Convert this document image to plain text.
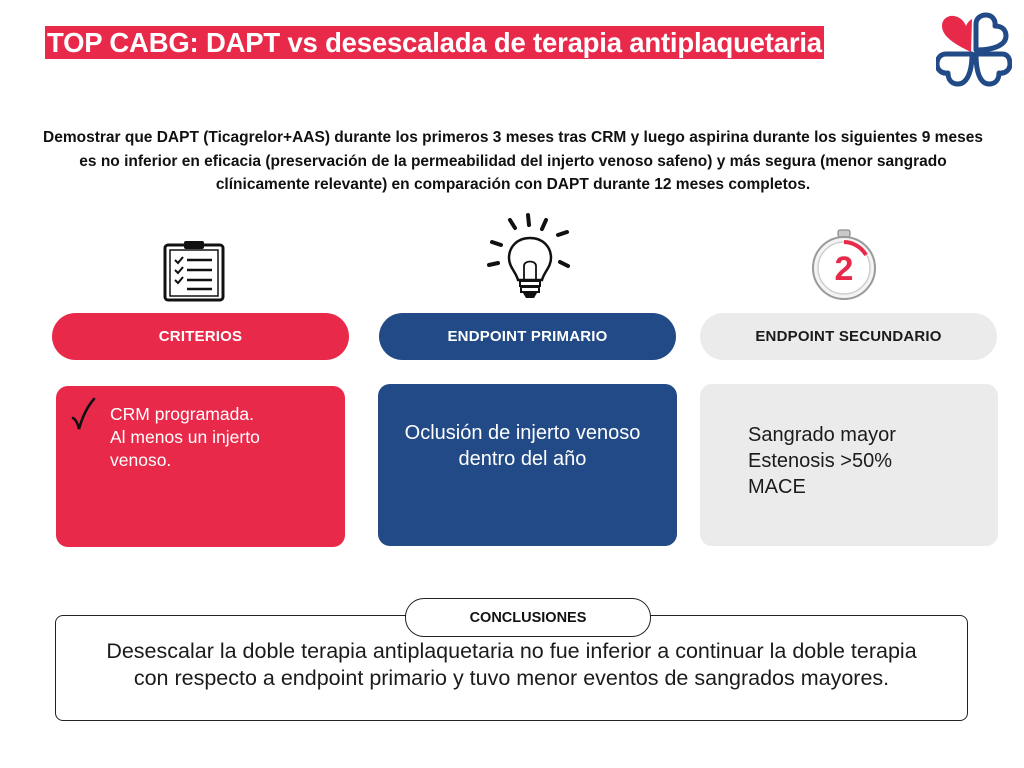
TOP CABG: DAPT vs desescalada de terapia antiplaquetaria
Demostrar que DAPT (Ticagrelor+AAS) durante los primeros 3 meses tras CRM y luego aspirina durante los siguientes 9 meses es no inferior en eficacia (preservación de la permeabilidad del injerto venoso safeno) y más segura (menor sangrado clínicamente relevante) en comparación con DAPT durante 12 meses completos.
2
CRITERIOS	ENDPOINT PRIMARIO	ENDPOINT SECUNDARIO
CRM programada.
Al menos un injerto
venoso.
Oclusión de injerto venoso dentro del año
Sangrado mayor
Estenosis >50%
MACE
CONCLUSIONES
Desescalar la doble terapia antiplaquetaria no fue inferior a continuar la doble terapia con respecto a endpoint primario y tuvo menor eventos de sangrados mayores.
